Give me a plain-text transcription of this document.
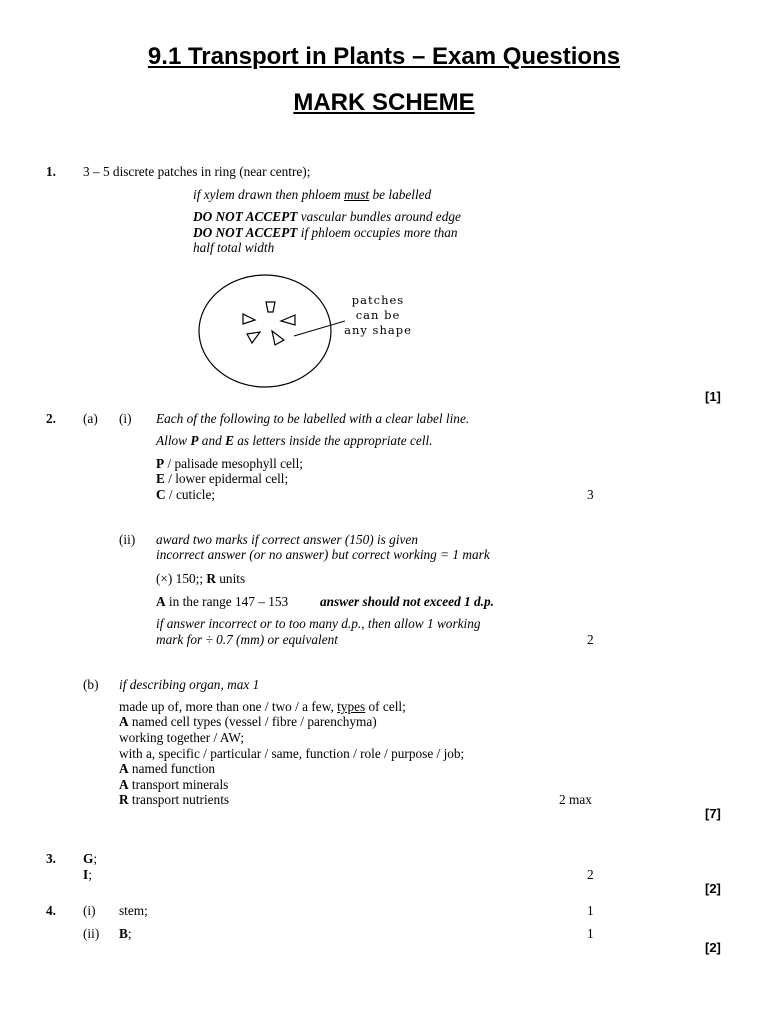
9.1 Transport in Plants – Exam Questions
MARK SCHEME
1. 3 – 5 discrete patches in ring (near centre);
if xylem drawn then phloem must be labelled
DO NOT ACCEPT vascular bundles around edge
DO NOT ACCEPT if phloem occupies more than
half total width
patches
can be
any shape
[1]
2. (a) (i) Each of the following to be labelled with a clear label line.
Allow P and E as letters inside the appropriate cell.
P / palisade mesophyll cell;
E / lower epidermal cell;
C / cuticle;	3
(ii) award two marks if correct answer (150) is given
incorrect answer (or no answer) but correct working = 1 mark
(×) 150;; R units
A in the range 147 – 153 answer should not exceed 1 d.p.
if answer incorrect or to too many d.p., then allow 1 working
mark for ÷ 0.7 (mm) or equivalent	2
(b) if describing organ, max 1
made up of, more than one / two / a few, types of cell;
A named cell types (vessel / fibre / parenchyma)
working together / AW;
with a, specific / particular / same, function / role / purpose / job;
A named function
A transport minerals
R transport nutrients	2 max
[7]
3. G;
I;	2
[2]
4. (i) stem;	1
(ii) B;	1
[2]
